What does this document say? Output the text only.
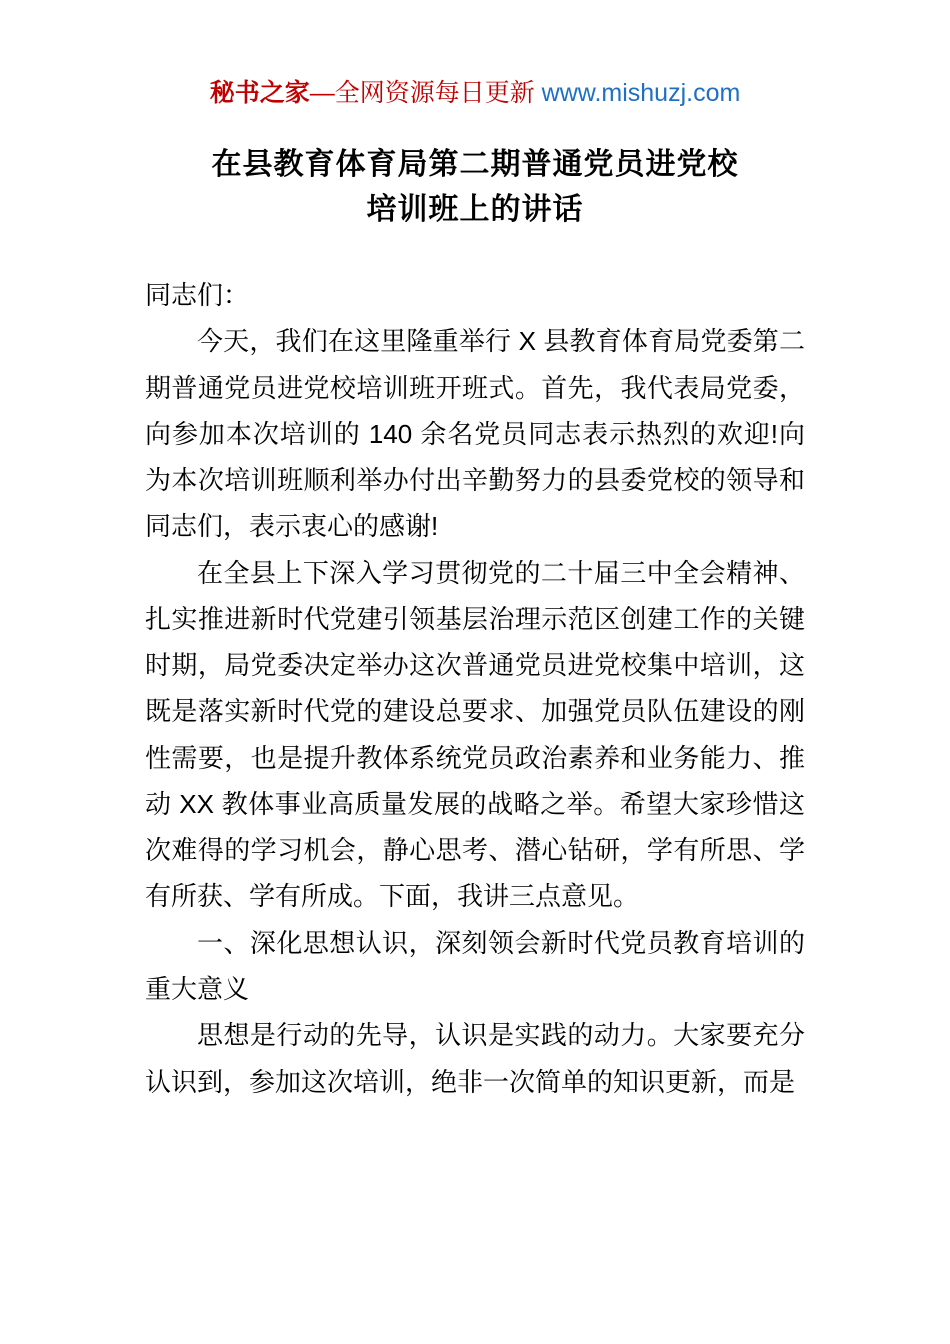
秘书之家—全网资源每日更新 www.mishuzj.com
在县教育体育局第二期普通党员进党校
培训班上的讲话

同志们：

今天，我们在这里隆重举行 X 县教育体育局党委第二期普通党员进党校培训班开班式。首先，我代表局党委，向参加本次培训的 140 余名党员同志表示热烈的欢迎!向为本次培训班顺利举办付出辛勤努力的县委党校的领导和同志们，表示衷心的感谢!

在全县上下深入学习贯彻党的二十届三中全会精神、扎实推进新时代党建引领基层治理示范区创建工作的关键时期，局党委决定举办这次普通党员进党校集中培训，这既是落实新时代党的建设总要求、加强党员队伍建设的刚性需要，也是提升教体系统党员政治素养和业务能力、推动 XX 教体事业高质量发展的战略之举。希望大家珍惜这次难得的学习机会，静心思考、潜心钻研，学有所思、学有所获、学有所成。下面，我讲三点意见。

一、深化思想认识，深刻领会新时代党员教育培训的重大意义

思想是行动的先导，认识是实践的动力。大家要充分认识到，参加这次培训，绝非一次简单的知识更新，而是
